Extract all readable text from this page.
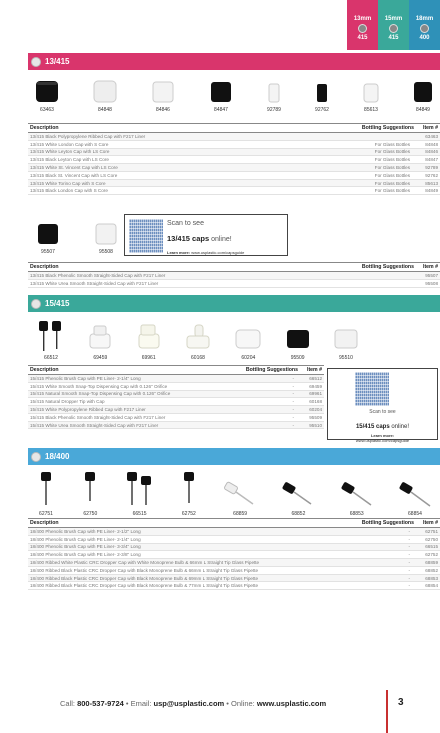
13mm
415
15mm
415
18mm
400
13/415
63463	84848	84846	84847	92789	92762	85613	84849
Description	Bottling Suggestions	Item #
13/415 Black Polypropylene Ribbed Cap with F217 Liner		63463
13/415 White London Cap with S Core	For Glass Bottles	84848
13/415 White Leyton Cap with LS Core	For Glass Bottles	84846
13/415 Black Leyton Cap with LS Core	For Glass Bottles	84847
13/415 White St. Vincent Cap with LS Core	For Glass Bottles	92789
13/415 Black St. Vincent Cap with LS Core	For Glass Bottles	92762
13/415 White Torino Cap with S Core	For Glass Bottles	85613
13/415 Black London Cap with S Core	For Glass Bottles	84849
95507	95508
Scan to see
13/415 caps online!
Learn more: www.usplastic.com/capsguide
Description	Bottling Suggestions	Item #
13/415 Black Phenolic Smooth Straight-Sided Cap with F217 Liner		95507
13/415 White Urea Smooth Straight-Sided Cap with F217 Liner		95508
15/415
66512	69459	69961	60168	60204	95509	95510
Description	Bottling Suggestions	Item #
15/415 Phenolic Brush Cap with PE Liner- 2-1/4" Long	-	66512
15/415 White Smooth Snap-Top Dispensing Cap with 0.126" Orifice	-	69459
15/415 Natural Smooth Snap-Top Dispensing Cap with 0.126" Orifice	-	69961
15/415 Natural Dropper Tip with Cap	-	60168
15/415 White Polypropylene Ribbed Cap with F217 Liner	-	60204
15/415 Black Phenolic Smooth Straight-Sided Cap with F217 Liner	-	95509
15/415 White Urea Smooth Straight-Sided Cap with F217 Liner	-	95510
Scan to see
15/415 caps online!
Learn more:
www.usplastic.com/capsguide
18/400
62751	62750	66515	62752	68859	68852	68853	68854
Description	Bottling Suggestions	Item #
18/400 Phenolic Brush Cap with PE Liner- 2-1/2" Long	-	62751
18/400 Phenolic Brush Cap with PE Liner- 2-1/4" Long	-	62750
18/400 Phenolic Brush Cap with PE Liner- 3-3/4" Long	-	66515
18/400 Phenolic Brush Cap with PE Liner- 2-3/8" Long	-	62752
18/400 Ribbed White Plastic CRC Dropper Cap with White Monoprene Bulb & 66mm L Straight Tip Glass Pipette	-	68859
18/400 Ribbed Black Plastic CRC Dropper Cap with Black Monoprene Bulb & 66mm L Straight Tip Glass Pipette	-	68852
18/400 Ribbed Black Plastic CRC Dropper Cap with Black Monoprene Bulb & 69mm L Straight Tip Glass Pipette	-	68853
18/400 Ribbed Black Plastic CRC Dropper Cap with Black Monoprene Bulb & 77mm L Straight Tip Glass Pipette	-	68854
Call: 800-537-9724 • Email: usp@usplastic.com • Online: www.usplastic.com	3
